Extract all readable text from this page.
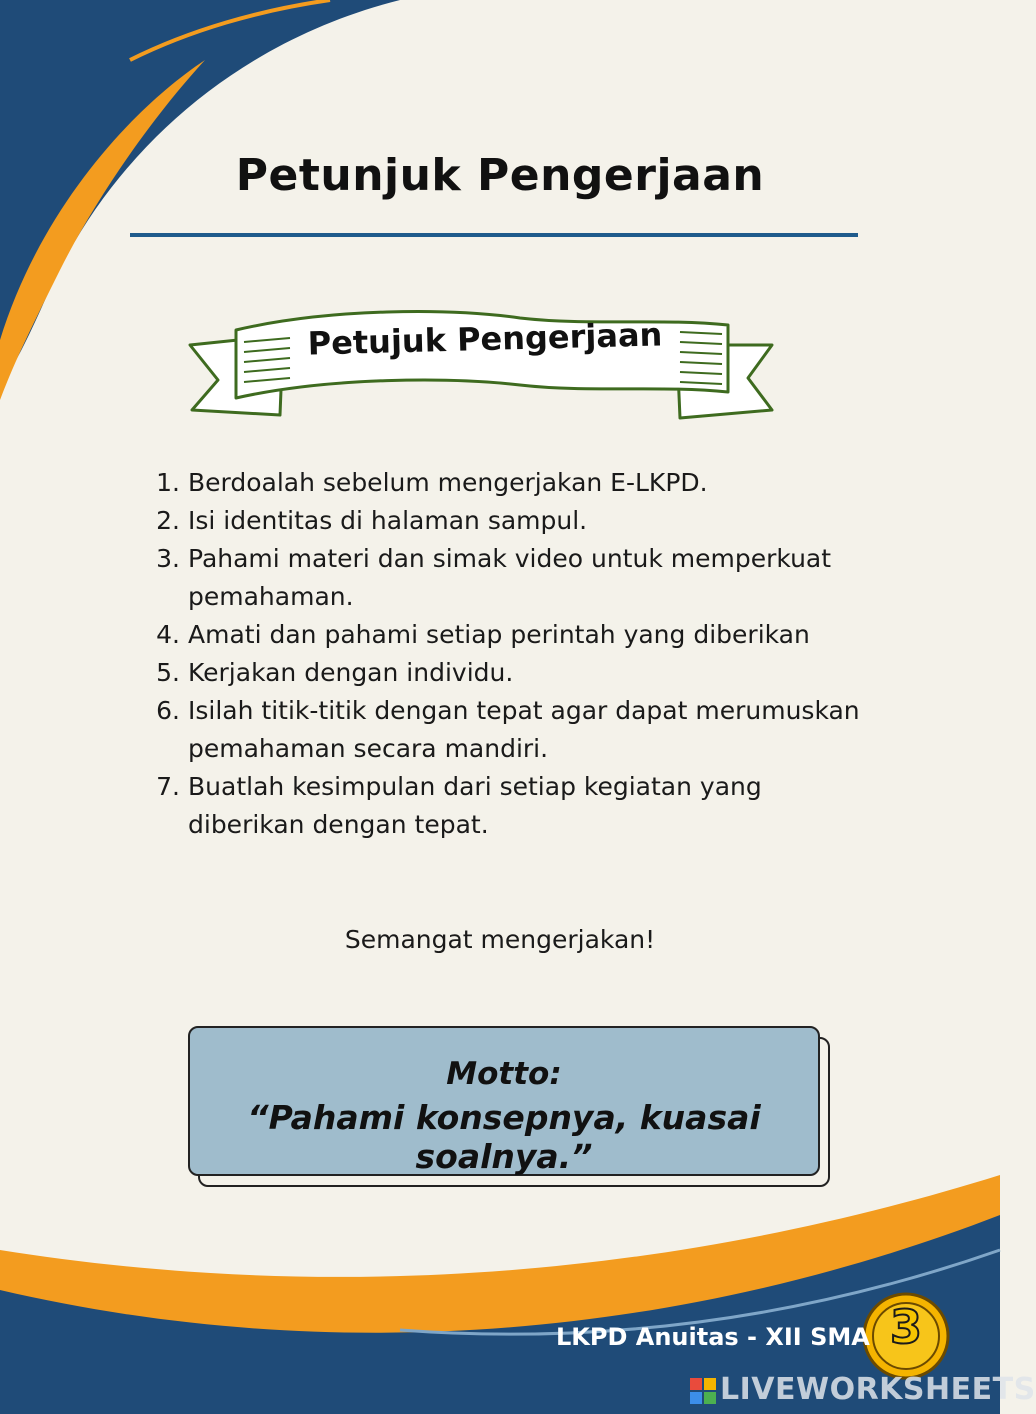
Petunjuk Pengerjaan
Petujuk Pengerjaan
1. Berdoalah sebelum mengerjakan E-LKPD.
2. Isi identitas di halaman sampul.
3. Pahami materi dan simak video untuk memperkuat pemahaman.
4. Amati dan pahami setiap perintah yang diberikan
5. Kerjakan dengan individu.
6. Isilah titik-titik dengan tepat agar dapat merumuskan pemahaman secara mandiri.
7. Buatlah kesimpulan dari setiap kegiatan yang diberikan dengan tepat.
Semangat mengerjakan!
Motto:
“Pahami konsepnya, kuasai soalnya.”
LKPD Anuitas - XII SMA 3
LIVEWORKSHEETS
